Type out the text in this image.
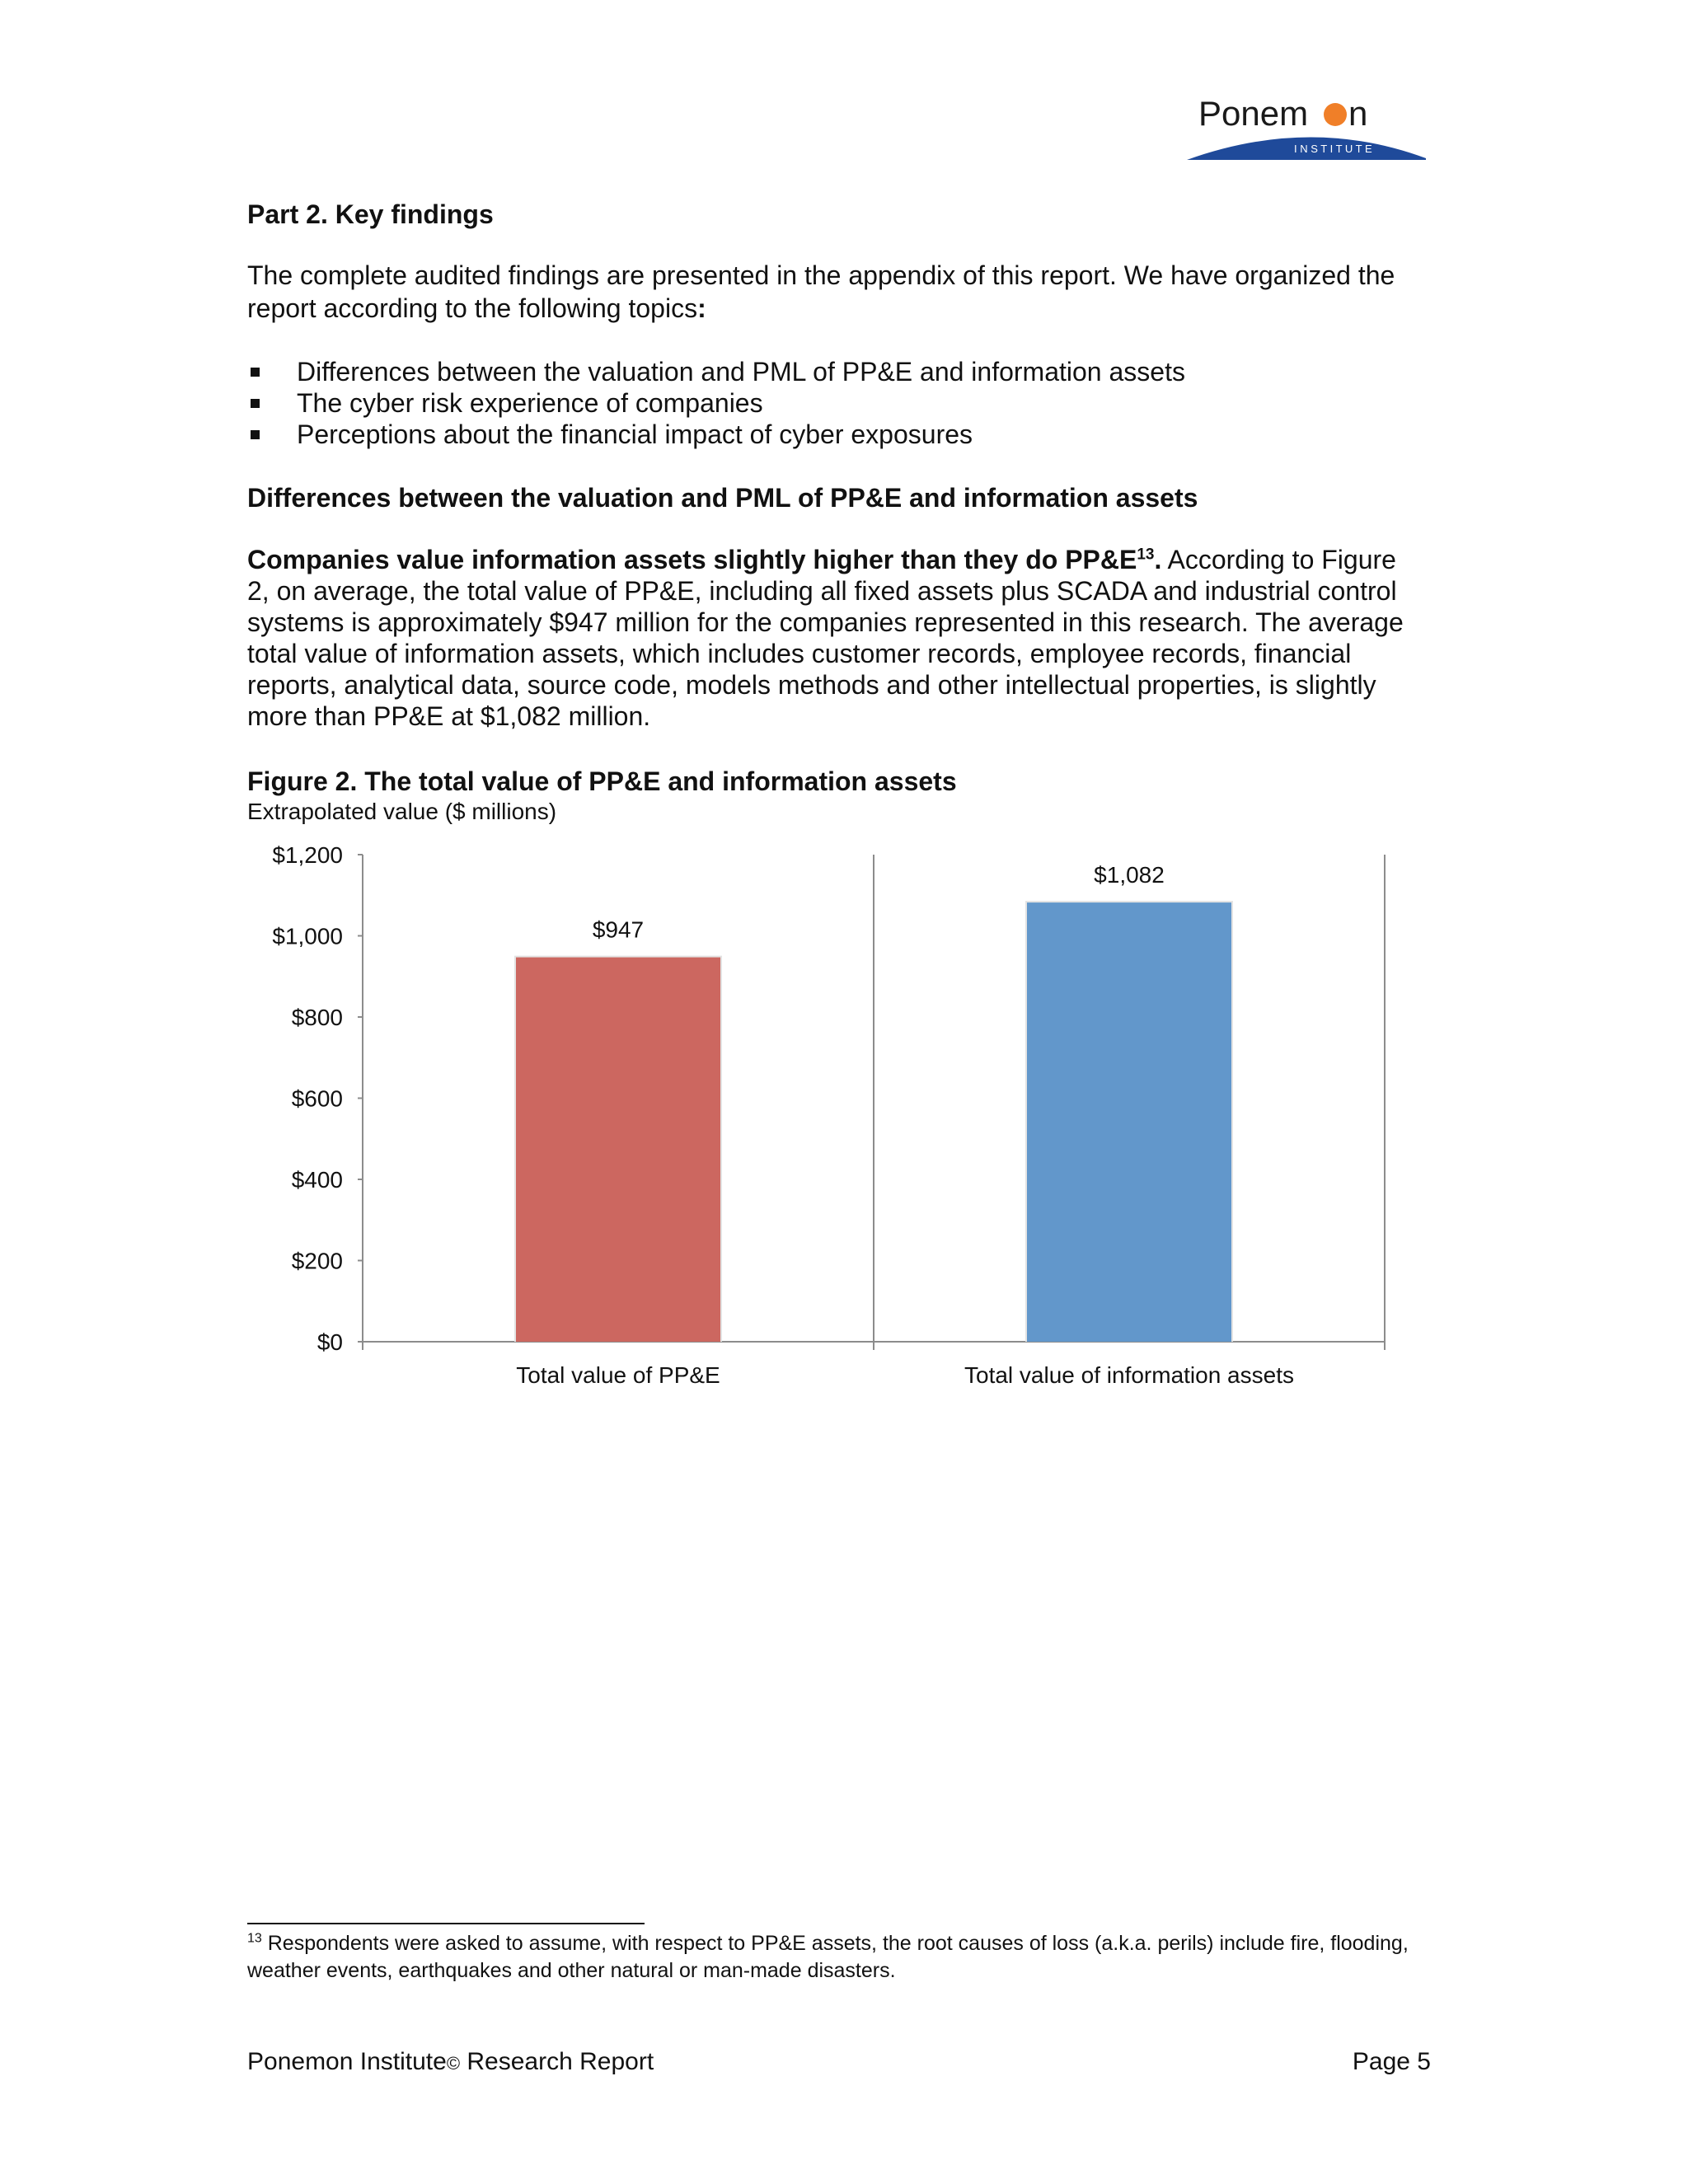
Ponem n
I N S T I T U T E
Part 2. Key findings

The complete audited findings are presented in the appendix of this report. We have organized the report according to the following topics:

Differences between the valuation and PML of PP&E and information assets
The cyber risk experience of companies
Perceptions about the financial impact of cyber exposures
Differences between the valuation and PML of PP&E and information assets

Companies value information assets slightly higher than they do $PP\&E^{13}$. According to Figure 2, on average, the total value of PP&E, including all fixed assets plus SCADA and industrial control systems is approximately $947 million for the companies represented in this research. The average total value of information assets, which includes customer records, employee records, financial reports, analytical data, source code, models methods and other intellectual properties, is slightly more than PP&E at $1,082 million.

Figure 2. The total value of PP&E and information assets
Extrapolated value ($ millions)
$0
$200
$400
$600
$800
$1,000
$1,200
$947
Total value of PP&E
$1,082
Total value of information assets

$^{13}$ Respondents were asked to assume, with respect to PP&E assets, the root causes of loss (a.k.a. perils) include fire, flooding, weather events, earthquakes and other natural or man-made disasters.

Ponemon Institute© Research Report	Page 5
